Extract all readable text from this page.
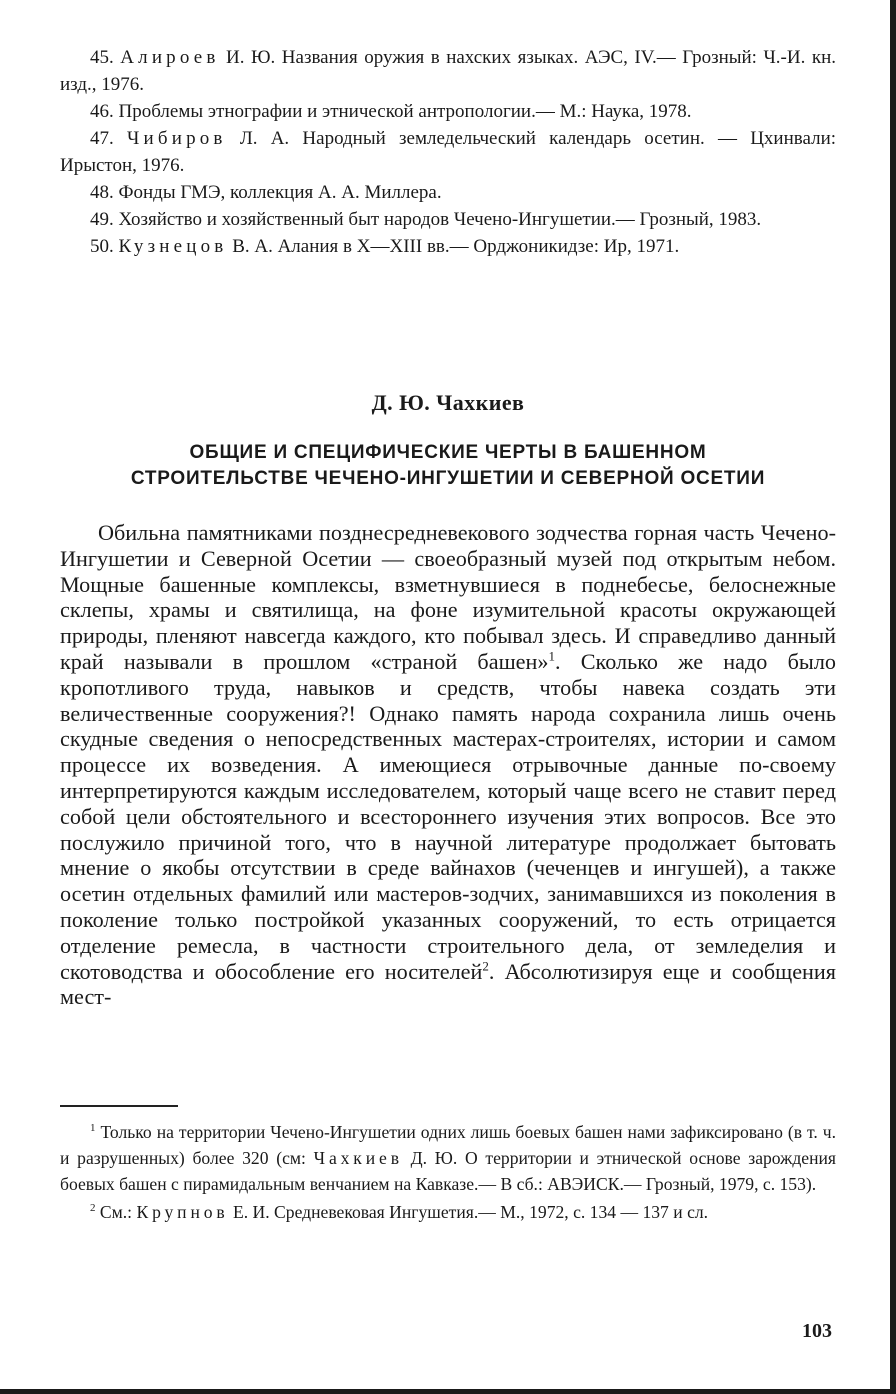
45. Алироев И. Ю. Названия оружия в нахских языках. АЭС, IV.— Грозный: Ч.-И. кн. изд., 1976.

46. Проблемы этнографии и этнической антропологии.— М.: Наука, 1978.

47. Чибиров Л. А. Народный земледельческий календарь осетин. — Цхинвали: Ирыстон, 1976.

48. Фонды ГМЭ, коллекция А. А. Миллера.

49. Хозяйство и хозяйственный быт народов Чечено-Ингушетии.— Грозный, 1983.

50. Кузнецов В. А. Алания в X—XIII вв.— Орджоникидзе: Ир, 1971.

Д. Ю. Чахкиев
ОБЩИЕ И СПЕЦИФИЧЕСКИЕ ЧЕРТЫ В БАШЕННОМ
СТРОИТЕЛЬСТВЕ ЧЕЧЕНО-ИНГУШЕТИИ И СЕВЕРНОЙ ОСЕТИИ

Обильна памятниками позднесредневекового зодчества горная часть Чечено-Ингушетии и Северной Осетии — своеобразный музей под открытым небом. Мощные башенные комплексы, взметнувшиеся в поднебесье, белоснежные склепы, храмы и святилища, на фоне изумительной красоты окружающей природы, пленяют навсегда каждого, кто побывал здесь. И справедливо данный край называли в прошлом «страной башен»$^1$. Сколько же надо было кропотливого труда, навыков и средств, чтобы навека создать эти величественные сооружения?! Однако память народа сохранила лишь очень скудные сведения о непосредственных мастерах-строителях, истории и самом процессе их возведения. А имеющиеся отрывочные данные по-своему интерпретируются каждым исследователем, который чаще всего не ставит перед собой цели обстоятельного и всестороннего изучения этих вопросов. Все это послужило причиной того, что в научной литературе продолжает бытовать мнение о якобы отсутствии в среде вайнахов (чеченцев и ингушей), а также осетин отдельных фамилий или мастеров-зодчих, занимавшихся из поколения в поколение только постройкой указанных сооружений, то есть отрицается отделение ремесла, в частности строительного дела, от земледелия и скотоводства и обособление его носителей$^2$. Абсолютизируя еще и сообщения мест-

$^1$ Только на территории Чечено-Ингушетии одних лишь боевых башен нами зафиксировано (в т. ч. и разрушенных) более 320 (см: Чахкиев Д. Ю. О территории и этнической основе зарождения боевых башен с пирамидальным венчанием на Кавказе.— В сб.: АВЭИСК.— Грозный, 1979, с. 153).

$^2$ См.: Крупнов Е. И. Средневековая Ингушетия.— М., 1972, с. 134 — 137 и сл.

103
